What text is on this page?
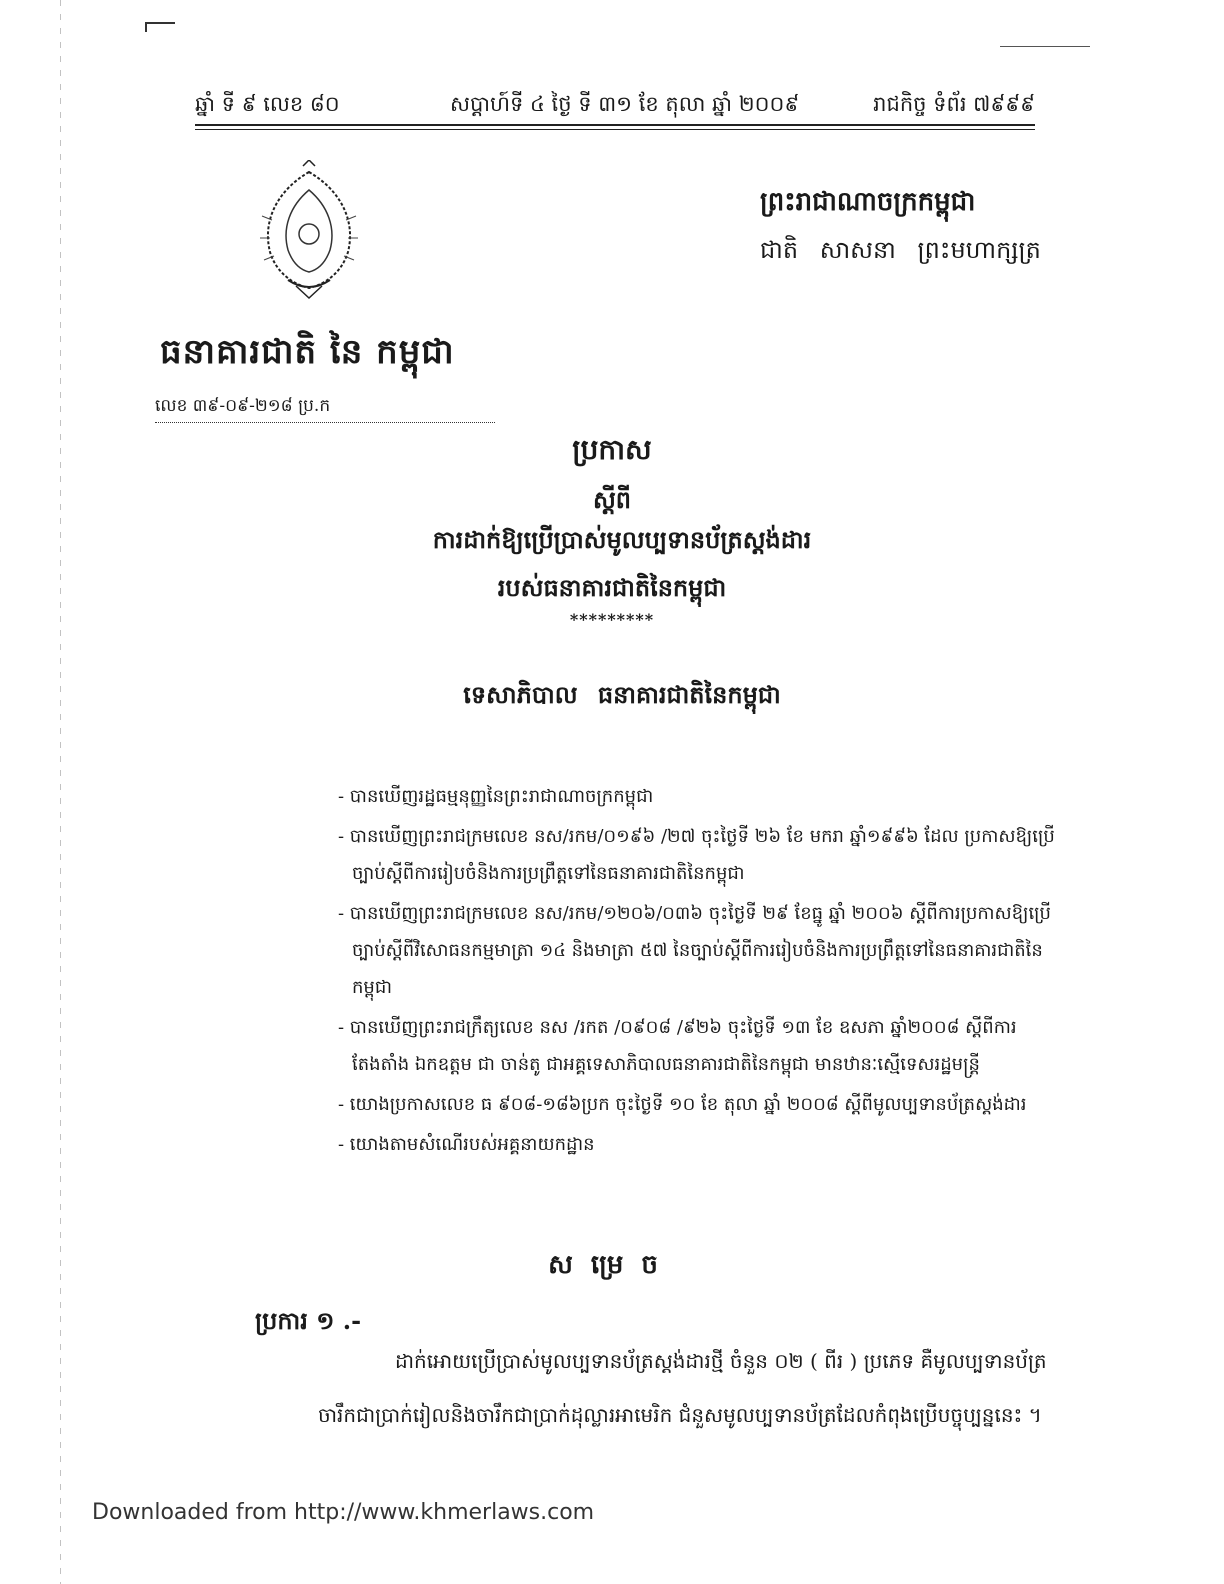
ឆ្នាំ ទី ៩ លេខ ៨០	សប្តាហ៍ទី ៤ ថ្ងៃ ទី ៣១ ខែ តុលា ឆ្នាំ ២០០៩	រាជកិច្ច ទំព័រ ៧៩៩៩
ព្រះរាជាណាចក្រកម្ពុជា
ជាតិ សាសនា ព្រះមហាក្សត្រ
ធនាគារជាតិ នៃ កម្ពុជា
លេខ ៣៩-០៩-២១៨ ប្រ.ក
ប្រកាស
ស្តីពី
ការដាក់ឱ្យប្រើប្រាស់មូលប្បទានប័ត្រស្តង់ដារ
របស់ធនាគារជាតិនៃកម្ពុជា
*********
ទេសាភិបាល ធនាគារជាតិនៃកម្ពុជា
- បានឃើញរដ្ឋធម្មនុញ្ញនៃព្រះរាជាណាចក្រកម្ពុជា
- បានឃើញព្រះរាជក្រមលេខ នស/រកម/០១៩៦ /២៧ ចុះថ្ងៃទី ២៦ ខែ មករា ឆ្នាំ១៩៩៦ ដែល ប្រកាសឱ្យប្រើច្បាប់ស្តីពីការរៀបចំនិងការប្រព្រឹត្តទៅនៃធនាគារជាតិនៃកម្ពុជា
- បានឃើញព្រះរាជក្រមលេខ នស/រកម/១២០៦/០៣៦ ចុះថ្ងៃទី ២៩ ខែធ្នូ ឆ្នាំ ២០០៦ ស្តីពីការប្រកាសឱ្យប្រើច្បាប់ស្តីពីវិសោធនកម្មមាត្រា ១៤ និងមាត្រា ៥៧ នៃច្បាប់ស្តីពីការរៀបចំនិងការប្រព្រឹត្តទៅនៃធនាគារជាតិនៃកម្ពុជា
- បានឃើញព្រះរាជក្រឹត្យលេខ នស /រកត /០៩០៨ /៩២៦ ចុះថ្ងៃទី ១៣ ខែ ឧសភា ឆ្នាំ២០០៨ ស្តីពីការតែងតាំង ឯកឧត្តម ជា ចាន់តូ ជាអគ្គទេសាភិបាលធនាគារជាតិនៃកម្ពុជា មានឋានៈស្មើទេសរដ្ឋមន្ត្រី
- យោងប្រកាសលេខ ធ ៩០៨-១៨៦ប្រក ចុះថ្ងៃទី ១០ ខែ តុលា ឆ្នាំ ២០០៨ ស្តីពីមូលប្បទានប័ត្រស្តង់ដារ
- យោងតាមសំណើរបស់អគ្គនាយកដ្ឋាន
សម្រេច
ប្រការ ១ .-
ដាក់អោយប្រើប្រាស់មូលប្បទានប័ត្រស្តង់ដារថ្មី ចំនួន ០២ ( ពីរ ) ប្រភេទ គឺមូលប្បទានប័ត្រ
ចារឹកជាប្រាក់រៀលនិងចារឹកជាប្រាក់ដុល្លារអាមេរិក ជំនួសមូលប្បទានប័ត្រដែលកំពុងប្រើបច្ចុប្បន្ននេះ ។
Downloaded from http://www.khmerlaws.com
